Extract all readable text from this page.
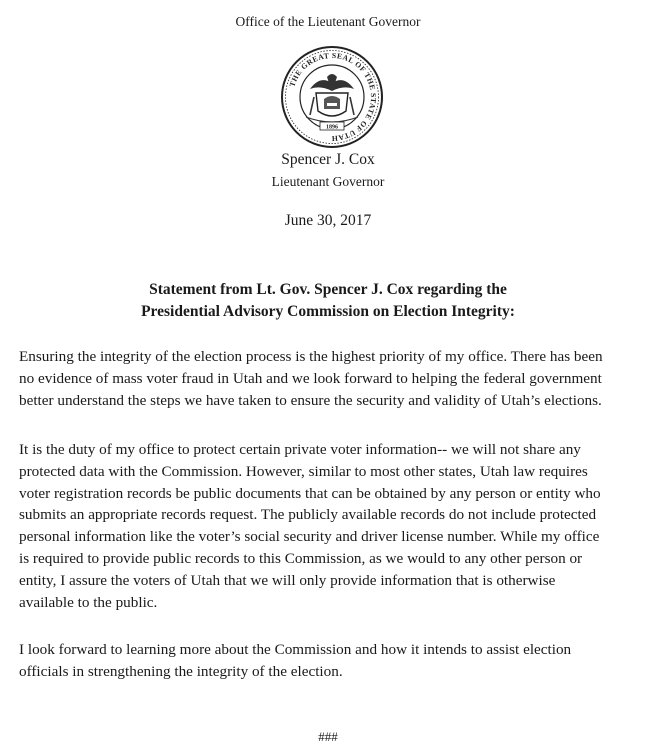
Office of the Lieutenant Governor
THE GREAT SEAL OF THE STATE OF UTAH
1896
Spencer J. Cox
Lieutenant Governor
June 30, 2017
Statement from Lt. Gov. Spencer J. Cox regarding the
Presidential Advisory Commission on Election Integrity:
Ensuring the integrity of the election process is the highest priority of my office. There has been
no evidence of mass voter fraud in Utah and we look forward to helping the federal government
better understand the steps we have taken to ensure the security and validity of Utah’s elections.
It is the duty of my office to protect certain private voter information-- we will not share any
protected data with the Commission. However, similar to most other states, Utah law requires
voter registration records be public documents that can be obtained by any person or entity who
submits an appropriate records request. The publicly available records do not include protected
personal information like the voter’s social security and driver license number. While my office
is required to provide public records to this Commission, as we would to any other person or
entity, I assure the voters of Utah that we will only provide information that is otherwise
available to the public.
I look forward to learning more about the Commission and how it intends to assist election
officials in strengthening the integrity of the election.
###
